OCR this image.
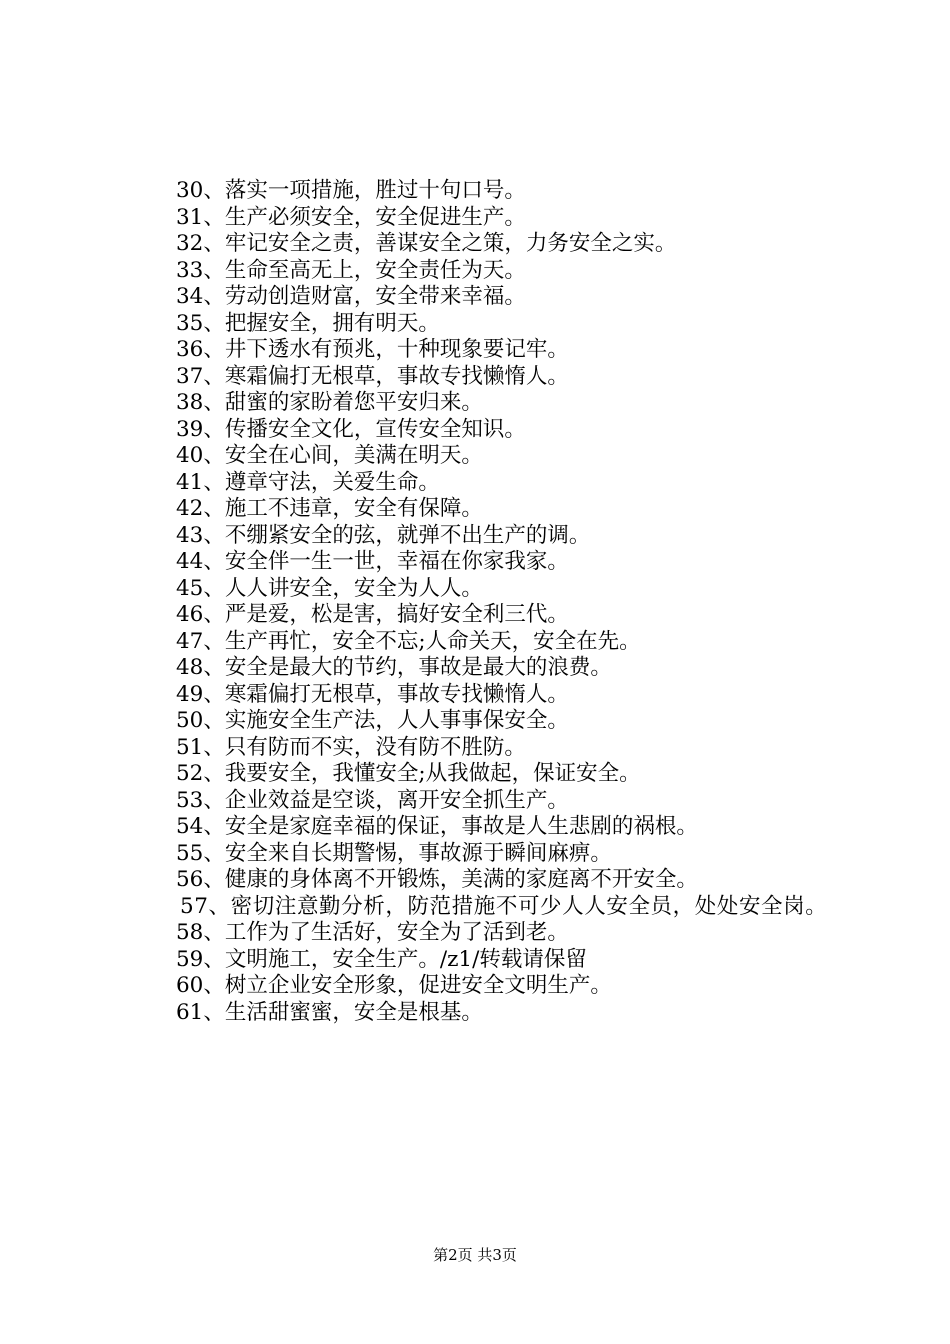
30、落实一项措施，胜过十句口号。
31、生产必须安全，安全促进生产。
32、牢记安全之责，善谋安全之策，力务安全之实。
33、生命至高无上，安全责任为天。
34、劳动创造财富，安全带来幸福。
35、把握安全，拥有明天。
36、井下透水有预兆，十种现象要记牢。
37、寒霜偏打无根草，事故专找懒惰人。
38、甜蜜的家盼着您平安归来。
39、传播安全文化，宣传安全知识。
40、安全在心间，美满在明天。
41、遵章守法，关爱生命。
42、施工不违章，安全有保障。
43、不绷紧安全的弦，就弹不出生产的调。
44、安全伴一生一世，幸福在你家我家。
45、人人讲安全，安全为人人。
46、严是爱，松是害，搞好安全利三代。
47、生产再忙，安全不忘;人命关天，安全在先。
48、安全是最大的节约，事故是最大的浪费。
49、寒霜偏打无根草，事故专找懒惰人。
50、实施安全生产法，人人事事保安全。
51、只有防而不实，没有防不胜防。
52、我要安全，我懂安全;从我做起，保证安全。
53、企业效益是空谈，离开安全抓生产。
54、安全是家庭幸福的保证，事故是人生悲剧的祸根。
55、安全来自长期警惕，事故源于瞬间麻痹。
56、健康的身体离不开锻炼，美满的家庭离不开安全。
57、密切注意勤分析，防范措施不可少人人安全员，处处安全岗。
58、工作为了生活好，安全为了活到老。
59、文明施工，安全生产。/z1/转载请保留
60、树立企业安全形象，促进安全文明生产。
61、生活甜蜜蜜，安全是根基。
第2页 共3页
